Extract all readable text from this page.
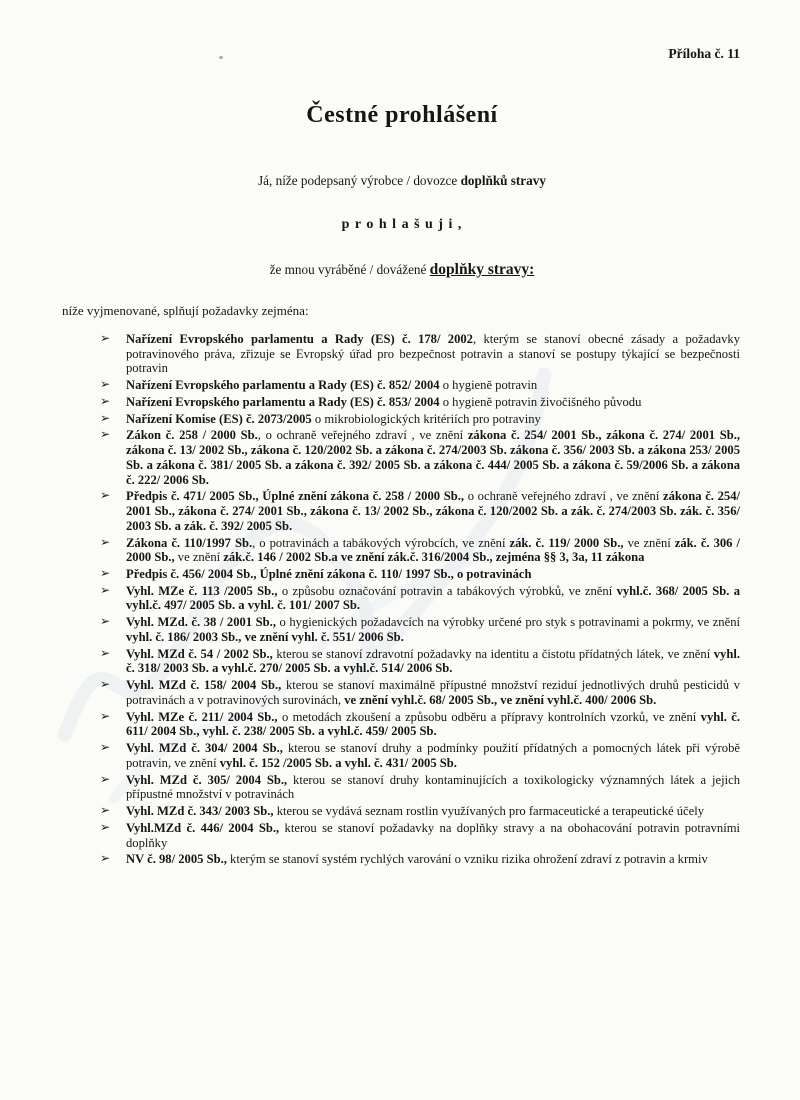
Příloha č. 11
Čestné prohlášení

Já, níže podepsaný výrobce / dovozce doplňků stravy

p r o h l a š u j i ,

že mnou vyráběné / dovážené doplňky stravy:

níže vyjmenované, splňují požadavky zejména:

➢ Nařízení Evropského parlamentu a Rady (ES) č. 178/ 2002, kterým se stanoví obecné zásady a požadavky potravinového práva, zřizuje se Evropský úřad pro bezpečnost potravin a stanoví se postupy týkající se bezpečnosti potravin
➢ Nařízení Evropského parlamentu a Rady (ES) č. 852/ 2004 o hygieně potravin
➢ Nařízení Evropského parlamentu a Rady (ES) č. 853/ 2004 o hygieně potravin živočišného původu
➢ Nařízení Komise (ES) č. 2073/2005 o mikrobiologických kritériích pro potraviny
➢ Zákon č. 258 / 2000 Sb., o ochraně veřejného zdraví , ve znění zákona č. 254/ 2001 Sb., zákona č. 274/ 2001 Sb., zákona č. 13/ 2002 Sb., zákona č. 120/2002 Sb. a zákona č. 274/2003 Sb. zákona č. 356/ 2003 Sb. a zákona 253/ 2005 Sb. a zákona č. 381/ 2005 Sb. a zákona č. 392/ 2005 Sb. a zákona č. 444/ 2005 Sb. a zákona č. 59/2006 Sb. a zákona č. 222/ 2006 Sb.
➢ Předpis č. 471/ 2005 Sb., Úplné znění zákona č. 258 / 2000 Sb., o ochraně veřejného zdraví , ve znění zákona č. 254/ 2001 Sb., zákona č. 274/ 2001 Sb., zákona č. 13/ 2002 Sb., zákona č. 120/2002 Sb. a zák. č. 274/2003 Sb. zák. č. 356/ 2003 Sb. a zák. č. 392/ 2005 Sb.
➢ Zákona č. 110/1997 Sb., o potravinách a tabákových výrobcích, ve znění zák. č. 119/ 2000 Sb., ve znění zák. č. 306 / 2000 Sb., ve znění zák.č. 146 / 2002 Sb.a ve znění zák.č. 316/2004 Sb., zejména §§ 3, 3a, 11 zákona
➢ Předpis č. 456/ 2004 Sb., Úplné znění zákona č. 110/ 1997 Sb., o potravinách
➢ Vyhl. MZe č. 113 /2005 Sb., o způsobu označování potravin a tabákových výrobků, ve znění vyhl.č. 368/ 2005 Sb. a vyhl.č. 497/ 2005 Sb. a vyhl. č. 101/ 2007 Sb.
➢ Vyhl. MZd. č. 38 / 2001 Sb., o hygienických požadavcích na výrobky určené pro styk s potravinami a pokrmy, ve znění vyhl. č. 186/ 2003 Sb., ve znění vyhl. č. 551/ 2006 Sb.
➢ Vyhl. MZd č. 54 / 2002 Sb., kterou se stanoví zdravotní požadavky na identitu a čistotu přídatných látek, ve znění vyhl. č. 318/ 2003 Sb. a vyhl.č. 270/ 2005 Sb. a vyhl.č. 514/ 2006 Sb.
➢ Vyhl. MZd č. 158/ 2004 Sb., kterou se stanoví maximálně přípustné množství reziduí jednotlivých druhů pesticidů v potravinách a v potravinových surovinách, ve znění vyhl.č. 68/ 2005 Sb., ve znění vyhl.č. 400/ 2006 Sb.
➢ Vyhl. MZe č. 211/ 2004 Sb., o metodách zkoušení a způsobu odběru a přípravy kontrolních vzorků, ve znění vyhl. č. 611/ 2004 Sb., vyhl. č. 238/ 2005 Sb. a vyhl.č. 459/ 2005 Sb.
➢ Vyhl. MZd č. 304/ 2004 Sb., kterou se stanoví druhy a podmínky použití přídatných a pomocných látek při výrobě potravin, ve znění vyhl. č. 152 /2005 Sb. a vyhl. č. 431/ 2005 Sb.
➢ Vyhl. MZd č. 305/ 2004 Sb., kterou se stanoví druhy kontaminujících a toxikologicky významných látek a jejich přípustné množství v potravinách
➢ Vyhl. MZd č. 343/ 2003 Sb., kterou se vydává seznam rostlin využívaných pro farmaceutické a terapeutické účely
➢ Vyhl.MZd č. 446/ 2004 Sb., kterou se stanoví požadavky na doplňky stravy a na obohacování potravin potravními doplňky
➢ NV č. 98/ 2005 Sb., kterým se stanoví systém rychlých varování o vzniku rizika ohrožení zdraví z potravin a krmiv
